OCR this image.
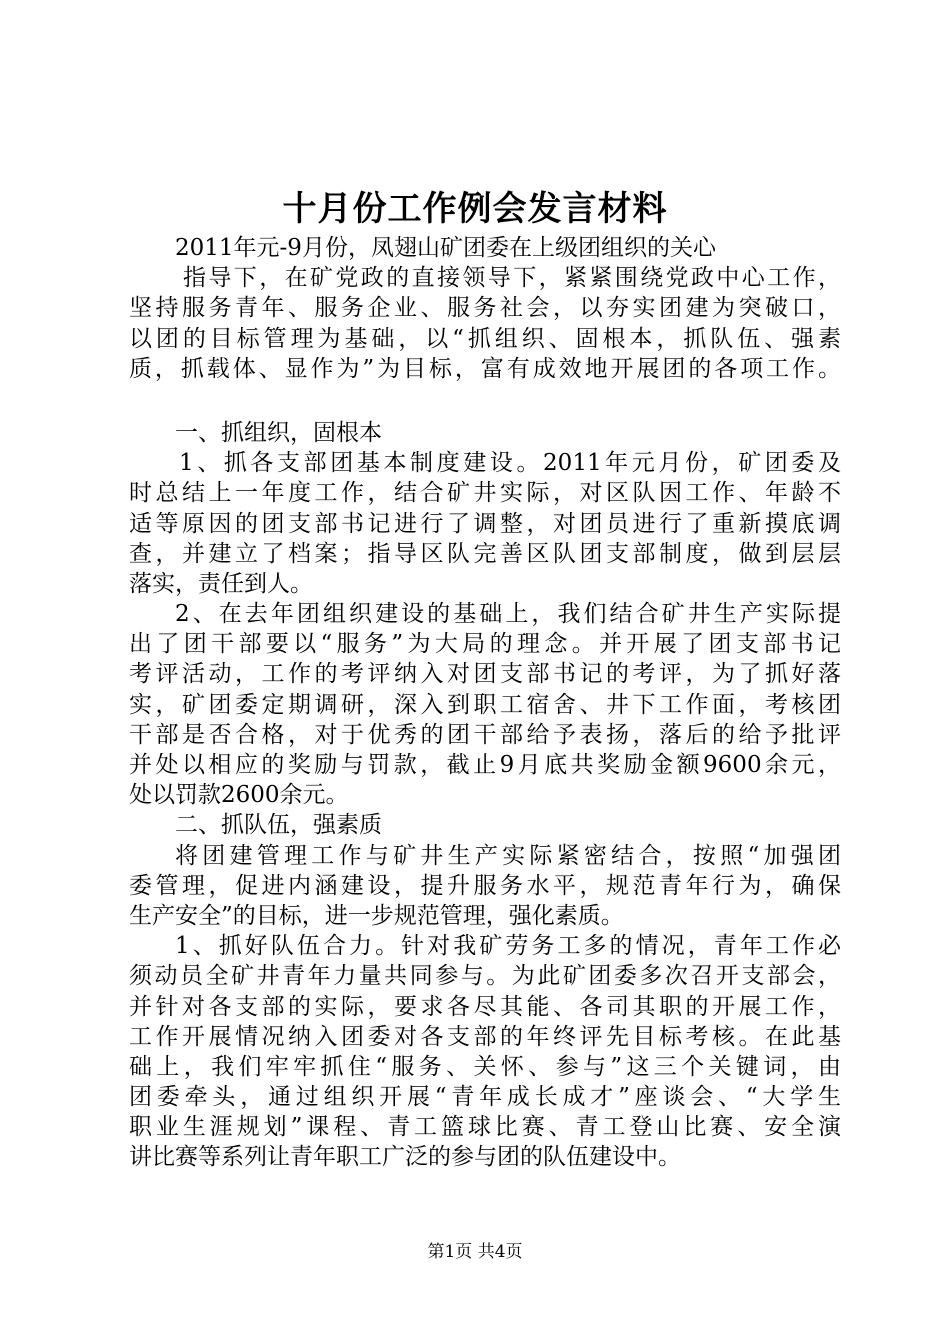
十月份工作例会发言材料
2011年元-9月份，凤翅山矿团委在上级团组织的关心
指导下，在矿党政的直接领导下，紧紧围绕党政中心工作，
坚持服务青年、服务企业、服务社会，以夯实团建为突破口，
以团的目标管理为基础，以“抓组织、固根本，抓队伍、强素
质，抓载体、显作为”为目标，富有成效地开展团的各项工作。
一、抓组织，固根本
1、抓各支部团基本制度建设。2011年元月份，矿团委及
时总结上一年度工作，结合矿井实际，对区队因工作、年龄不
适等原因的团支部书记进行了调整，对团员进行了重新摸底调
查，并建立了档案；指导区队完善区队团支部制度，做到层层
落实，责任到人。
2、在去年团组织建设的基础上，我们结合矿井生产实际提
出了团干部要以“服务”为大局的理念。并开展了团支部书记
考评活动，工作的考评纳入对团支部书记的考评，为了抓好落
实，矿团委定期调研，深入到职工宿舍、井下工作面，考核团
干部是否合格，对于优秀的团干部给予表扬，落后的给予批评
并处以相应的奖励与罚款，截止9月底共奖励金额9600余元，
处以罚款2600余元。
二、抓队伍，强素质
将团建管理工作与矿井生产实际紧密结合，按照“加强团
委管理，促进内涵建设，提升服务水平，规范青年行为，确保
生产安全”的目标，进一步规范管理，强化素质。
1、抓好队伍合力。针对我矿劳务工多的情况，青年工作必
须动员全矿井青年力量共同参与。为此矿团委多次召开支部会，
并针对各支部的实际，要求各尽其能、各司其职的开展工作，
工作开展情况纳入团委对各支部的年终评先目标考核。在此基
础上，我们牢牢抓住“服务、关怀、参与”这三个关键词，由
团委牵头，通过组织开展“青年成长成才”座谈会、“大学生
职业生涯规划”课程、青工篮球比赛、青工登山比赛、安全演
讲比赛等系列让青年职工广泛的参与团的队伍建设中。
第1页 共4页
